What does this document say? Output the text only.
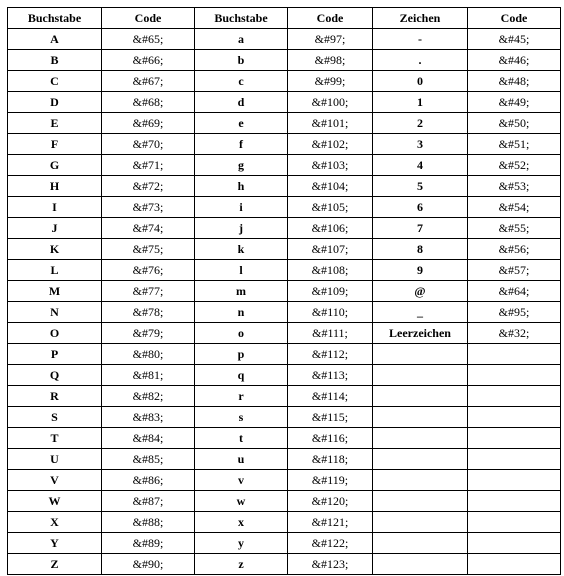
Buchstabe	Code	Buchstabe	Code	Zeichen	Code
A	&#65;	a	&#97;	-	&#45;
B	&#66;	b	&#98;	.	&#46;
C	&#67;	c	&#99;	0	&#48;
D	&#68;	d	&#100;	1	&#49;
E	&#69;	e	&#101;	2	&#50;
F	&#70;	f	&#102;	3	&#51;
G	&#71;	g	&#103;	4	&#52;
H	&#72;	h	&#104;	5	&#53;
I	&#73;	i	&#105;	6	&#54;
J	&#74;	j	&#106;	7	&#55;
K	&#75;	k	&#107;	8	&#56;
L	&#76;	l	&#108;	9	&#57;
M	&#77;	m	&#109;	@	&#64;
N	&#78;	n	&#110;	_	&#95;
O	&#79;	o	&#111;	Leerzeichen	&#32;
P	&#80;	p	&#112;		
Q	&#81;	q	&#113;		
R	&#82;	r	&#114;		
S	&#83;	s	&#115;		
T	&#84;	t	&#116;		
U	&#85;	u	&#118;		
V	&#86;	v	&#119;		
W	&#87;	w	&#120;		
X	&#88;	x	&#121;		
Y	&#89;	y	&#122;		
Z	&#90;	z	&#123;		
